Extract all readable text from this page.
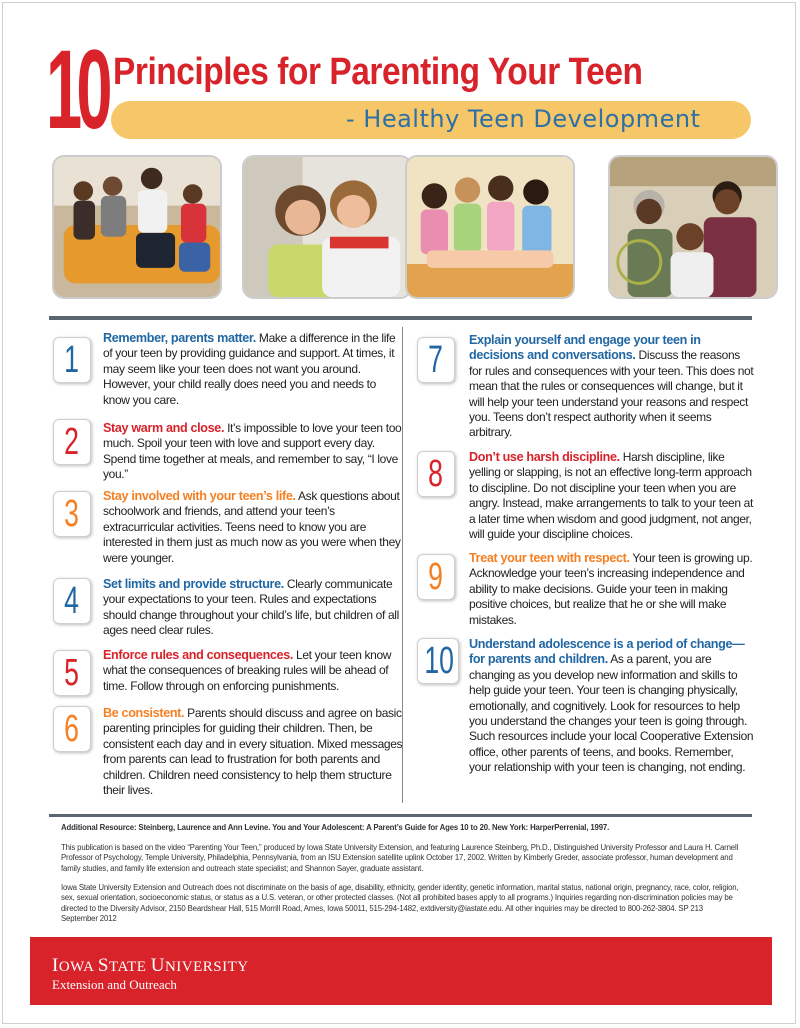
10 Principles for Parenting Your Teen
- Healthy Teen Development
1
Remember, parents matter. Make a difference in the life of your teen by providing guidance and support. At times, it may seem like your teen does not want you around. However, your child really does need you and needs to know you care.
2	Stay warm and close. It’s impossible to love your teen too much. Spoil your teen with love and support every day. Spend time together at meals, and remember to say, “I love you.”
3	Stay involved with your teen’s life. Ask questions about schoolwork and friends, and attend your teen’s extracurricular activities. Teens need to know you are interested in them just as much now as you were when they were younger.
4	Set limits and provide structure. Clearly communicate your expectations to your teen. Rules and expectations should change throughout your child’s life, but children of all ages need clear rules.
5	Enforce rules and consequences. Let your teen know what the consequences of breaking rules will be ahead of time. Follow through on enforcing punishments.
6	Be consistent. Parents should discuss and agree on basic parenting principles for guiding their children. Then, be consistent each day and in every situation. Mixed messages from parents can lead to frustration for both parents and children. Children need consistency to help them structure their lives.
7	Explain yourself and engage your teen in decisions and conversations. Discuss the reasons for rules and consequences with your teen. This does not mean that the rules or consequences will change, but it will help your teen understand your reasons and respect you. Teens don’t respect authority when it seems arbitrary.
8	Don’t use harsh discipline. Harsh discipline, like yelling or slapping, is not an effective long-term approach to discipline. Do not discipline your teen when you are angry. Instead, make arrangements to talk to your teen at a later time when wisdom and good judgment, not anger, will guide your discipline choices.
9	Treat your teen with respect. Your teen is growing up. Acknowledge your teen’s increasing independence and ability to make decisions. Guide your teen in making positive choices, but realize that he or she will make mistakes.
10	Understand adolescence is a period of change—for parents and children. As a parent, you are changing as you develop new information and skills to help guide your teen. Your teen is changing physically, emotionally, and cognitively. Look for resources to help you understand the changes your teen is going through. Such resources include your local Cooperative Extension office, other parents of teens, and books. Remember, your relationship with your teen is changing, not ending.
Additional Resource: Steinberg, Laurence and Ann Levine. You and Your Adolescent: A Parent’s Guide for Ages 10 to 20. New York: HarperPerrenial, 1997.
This publication is based on the video “Parenting Your Teen,” produced by Iowa State University Extension, and featuring Laurence Steinberg, Ph.D., Distinguished University Professor and Laura H. Carnell Professor of Psychology, Temple University, Philadelphia, Pennsylvania, from an ISU Extension satellite uplink October 17, 2002. Written by Kimberly Greder, associate professor, human development and family studies, and family life extension and outreach state specialist; and Shannon Sayer, graduate assistant.
Iowa State University Extension and Outreach does not discriminate on the basis of age, disability, ethnicity, gender identity, genetic information, marital status, national origin, pregnancy, race, color, religion, sex, sexual orientation, socioeconomic status, or status as a U.S. veteran, or other protected classes. (Not all prohibited bases apply to all programs.) Inquiries regarding non-discrimination policies may be directed to the Diversity Advisor, 2150 Beardshear Hall, 515 Morrill Road, Ames, Iowa 50011, 515-294-1482, extdiversity@iastate.edu. All other inquiries may be directed to 800-262-3804. SP 213 September 2012
IOWA STATE UNIVERSITY
Extension and Outreach
